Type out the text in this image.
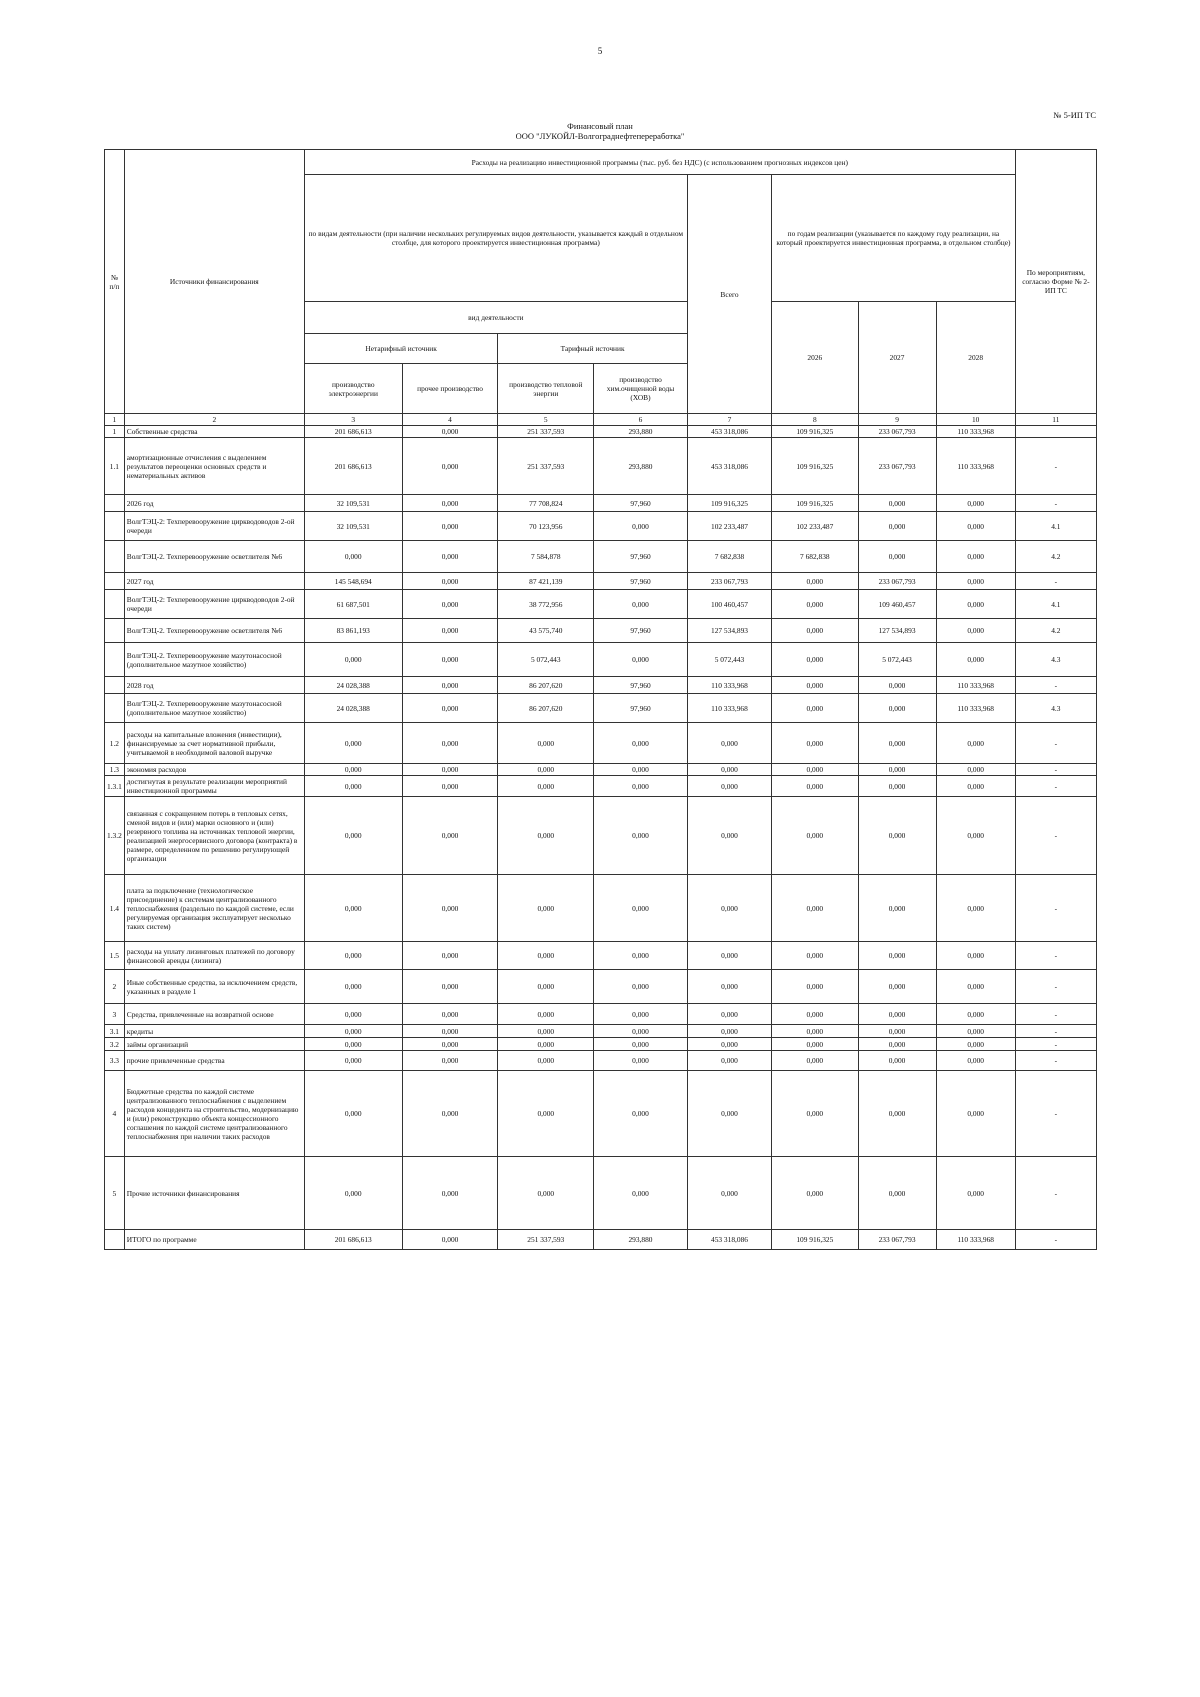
5
№ 5-ИП ТС
Финансовый план
ООО "ЛУКОЙЛ-Волгограднефтепереработка"
№ п/п	Источники финансирования	Расходы на реализацию инвестиционной программы (тыс. руб. без НДС) (с использованием прогнозных индексов цен)								По мероприятиям, согласно Форме № 2-ИП ТС
		по видам деятельности (при наличии нескольких регулируемых видов деятельности, указывается каждый в отдельном столбце, для которого проектируется инвестиционная программа)				Всего	по годам реализации (указывается по каждому году реализации, на который проектируется инвестиционная программа, в отдельном столбце)			
		вид деятельности					2026	2027	2028	
		Нетарифный источник		Тарифный источник						
		производство электроэнергии	прочее производство	производство тепловой энергии	производство хим.очищенной воды (ХОВ)					

1	2	3	4	5	6	7	8	9	10	11
1	Собственные средства	201 686,613	0,000	251 337,593	293,880	453 318,086	109 916,325	233 067,793	110 333,968	
1.1	амортизационные отчисления с выделением результатов переоценки основных средств и нематериальных активов	201 686,613	0,000	251 337,593	293,880	453 318,086	109 916,325	233 067,793	110 333,968	-
	2026 год	32 109,531	0,000	77 708,824	97,960	109 916,325	109 916,325	0,000	0,000	-
	ВолгТЭЦ-2: Техперевооружение циркводоводов 2-ой очереди	32 109,531	0,000	70 123,956	0,000	102 233,487	102 233,487	0,000	0,000	4.1
	ВолгТЭЦ-2. Техперевооружение осветлителя №6	0,000	0,000	7 584,878	97,960	7 682,838	7 682,838	0,000	0,000	4.2
	2027 год	145 548,694	0,000	87 421,139	97,960	233 067,793	0,000	233 067,793	0,000	-
	ВолгТЭЦ-2: Техперевооружение циркводоводов 2-ой очереди	61 687,501	0,000	38 772,956	0,000	100 460,457	0,000	109 460,457	0,000	4.1
	ВолгТЭЦ-2. Техперевооружение осветлителя №6	83 861,193	0,000	43 575,740	97,960	127 534,893	0,000	127 534,893	0,000	4.2
	ВолгТЭЦ-2. Техперевооружение мазутонасосной (дополнительное мазутное хозяйство)	0,000	0,000	5 072,443	0,000	5 072,443	0,000	5 072,443	0,000	4.3
	2028 год	24 028,388	0,000	86 207,620	97,960	110 333,968	0,000	0,000	110 333,968	-
	ВолгТЭЦ-2. Техперевооружение мазутонасосной (дополнительное мазутное хозяйство)	24 028,388	0,000	86 207,620	97,960	110 333,968	0,000	0,000	110 333,968	4.3
1.2	расходы на капитальные вложения (инвестиции), финансируемые за счет нормативной прибыли, учитываемой в необходимой валовой выручке	0,000	0,000	0,000	0,000	0,000	0,000	0,000	0,000	-
1.3	экономия расходов	0,000	0,000	0,000	0,000	0,000	0,000	0,000	0,000	-
1.3.1	достигнутая в результате реализации мероприятий инвестиционной программы	0,000	0,000	0,000	0,000	0,000	0,000	0,000	0,000	-
1.3.2	связанная с сокращением потерь в тепловых сетях, сменой видов и (или) марки основного и (или) резервного топлива на источниках тепловой энергии, реализацией энергосервисного договора (контракта) в размере, определенном по решению регулирующей организации	0,000	0,000	0,000	0,000	0,000	0,000	0,000	0,000	-
1.4	плата за подключение (технологическое присоединение) к системам централизованного теплоснабжения (раздельно по каждой системе, если регулируемая организация эксплуатирует несколько таких систем)	0,000	0,000	0,000	0,000	0,000	0,000	0,000	0,000	-
1.5	расходы на уплату лизинговых платежей по договору финансовой аренды (лизинга)	0,000	0,000	0,000	0,000	0,000	0,000	0,000	0,000	-
2	Иные собственные средства, за исключением средств, указанных в разделе 1	0,000	0,000	0,000	0,000	0,000	0,000	0,000	0,000	-
3	Средства, привлеченные на возвратной основе	0,000	0,000	0,000	0,000	0,000	0,000	0,000	0,000	-
3.1	кредиты	0,000	0,000	0,000	0,000	0,000	0,000	0,000	0,000	-
3.2	займы организаций	0,000	0,000	0,000	0,000	0,000	0,000	0,000	0,000	-
3.3	прочие привлеченные средства	0,000	0,000	0,000	0,000	0,000	0,000	0,000	0,000	-
4	Бюджетные средства по каждой системе централизованного теплоснабжения с выделением расходов концедента на строительство, модернизацию и (или) реконструкцию объекта концессионного соглашения по каждой системе централизованного теплоснабжения при наличии таких расходов	0,000	0,000	0,000	0,000	0,000	0,000	0,000	0,000	-
5	Прочие источники финансирования	0,000	0,000	0,000	0,000	0,000	0,000	0,000	0,000	-
	ИТОГО по программе	201 686,613	0,000	251 337,593	293,880	453 318,086	109 916,325	233 067,793	110 333,968	-
